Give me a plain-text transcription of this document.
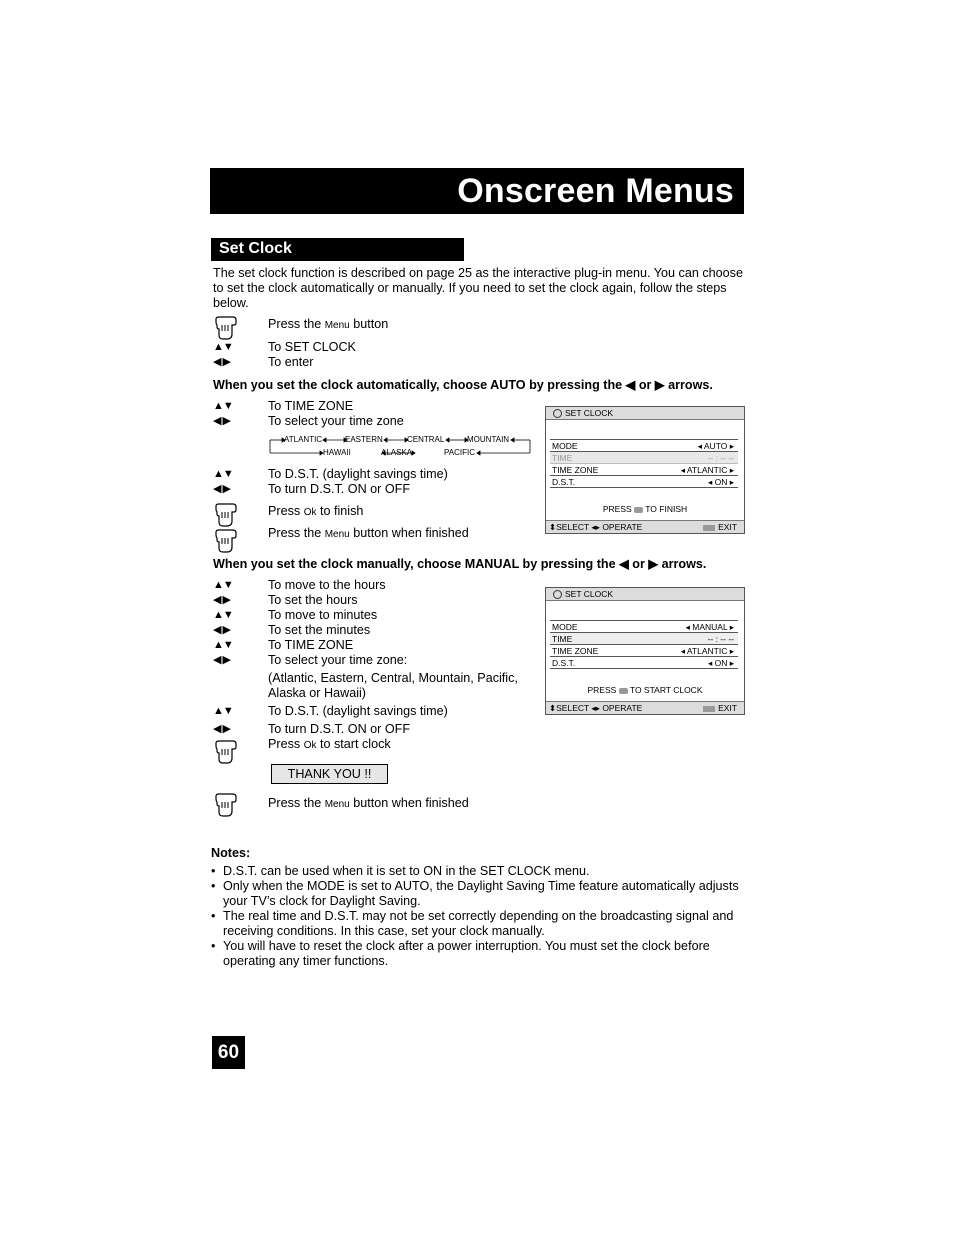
Onscreen Menus
Set Clock
The set clock function is described on page 25 as the interactive plug-in menu. You can choose to set the clock automatically or manually. If you need to set the clock again, follow the steps below.
Press the Menu button
▲▼	To SET CLOCK
◀ ▶	To enter
When you set the clock automatically, choose AUTO by pressing the ◀ or ▶ arrows.
▲▼	To TIME ZONE
◀ ▶	To select your time zone
ATLANTIC	EASTERN	CENTRAL	MOUNTAIN
HAWAII	ALASKA	PACIFIC
▲▼	To D.S.T. (daylight savings time)
◀ ▶	To turn D.S.T. ON or OFF
Press Ok to finish
Press the Menu button when finished
SET CLOCK
MODE	◂ AUTO ▸
TIME	-- : -- --
TIME ZONE	◂ ATLANTIC ▸
D.S.T.	◂ ON ▸
PRESS TO FINISH
⬍SELECT ◂▸ OPERATE	EXIT
When you set the clock manually, choose MANUAL by pressing the ◀ or ▶ arrows.
▲▼	To move to the hours
◀ ▶	To set the hours
▲▼	To move to minutes
◀ ▶	To set the minutes
▲▼	To TIME ZONE
◀ ▶	To select your time zone:
(Atlantic, Eastern, Central, Mountain, Pacific,
Alaska or Hawaii)
▲▼	To D.S.T. (daylight savings time)
◀ ▶	To turn D.S.T. ON or OFF
Press Ok to start clock
THANK YOU !!
Press the Menu button when finished
SET CLOCK
MODE	◂ MANUAL ▸
TIME	-- : -- --
TIME ZONE	◂ ATLANTIC ▸
D.S.T.	◂ ON ▸
PRESS TO START CLOCK
⬍SELECT ◂▸ OPERATE	EXIT
Notes:
• D.S.T. can be used when it is set to ON in the SET CLOCK menu.
• Only when the MODE is set to AUTO, the Daylight Saving Time feature automatically adjusts your TV’s clock for Daylight Saving.
• The real time and D.S.T. may not be set correctly depending on the broadcasting signal and receiving conditions. In this case, set your clock manually.
• You will have to reset the clock after a power interruption. You must set the clock before operating any timer functions.
60
